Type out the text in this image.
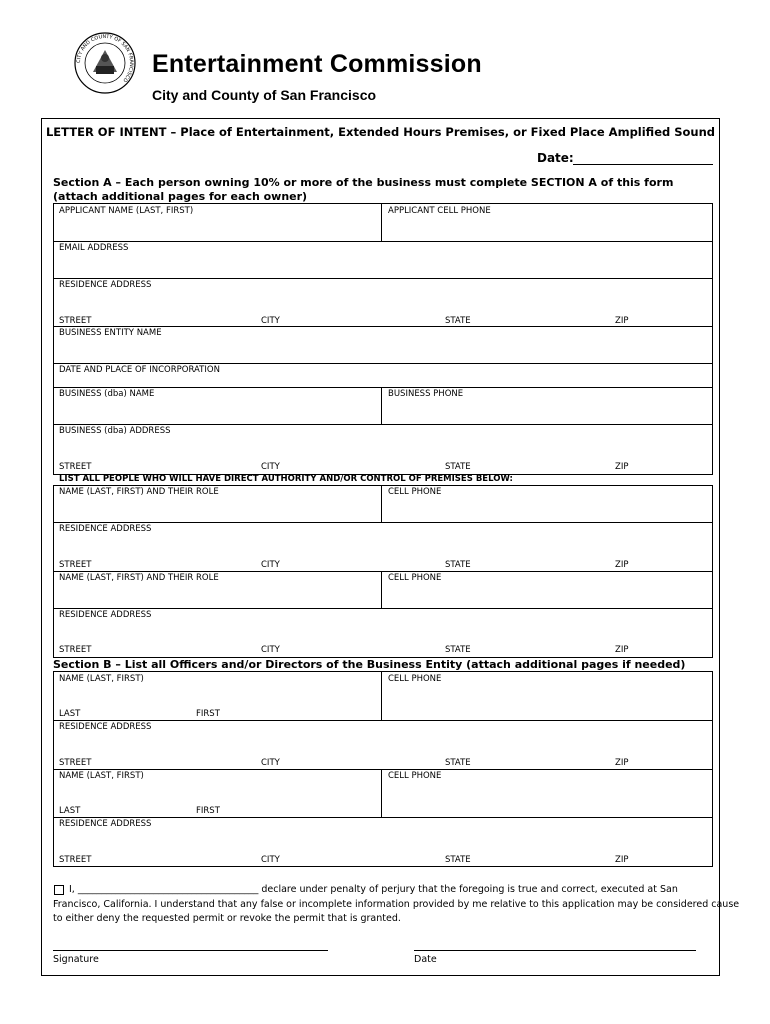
CITY AND COUNTY OF SAN FRANCISCO
Entertainment Commission
City and County of San Francisco
LETTER OF INTENT – Place of Entertainment, Extended Hours Premises, or Fixed Place Amplified Sound
Date:
Section A – Each person owning 10% or more of the business must complete SECTION A of this form
(attach additional pages for each owner)
APPLICANT NAME (LAST, FIRST)	APPLICANT CELL PHONE
EMAIL ADDRESS
RESIDENCE ADDRESS
STREET	CITY	STATE	ZIP
BUSINESS ENTITY NAME
DATE AND PLACE OF INCORPORATION
BUSINESS (dba) NAME	BUSINESS PHONE
BUSINESS (dba) ADDRESS
STREET	CITY	STATE	ZIP
LIST ALL PEOPLE WHO WILL HAVE DIRECT AUTHORITY AND/OR CONTROL OF PREMISES BELOW:
NAME (LAST, FIRST) AND THEIR ROLE	CELL PHONE
RESIDENCE ADDRESS
STREET	CITY	STATE	ZIP
NAME (LAST, FIRST) AND THEIR ROLE	CELL PHONE
RESIDENCE ADDRESS
STREET	CITY	STATE	ZIP
Section B – List all Officers and/or Directors of the Business Entity (attach additional pages if needed)
NAME (LAST, FIRST)	CELL PHONE
LAST	FIRST
RESIDENCE ADDRESS
STREET	CITY	STATE	ZIP
NAME (LAST, FIRST)	CELL PHONE
LAST	FIRST
RESIDENCE ADDRESS
STREET	CITY	STATE	ZIP
I, ______________________________________ declare under penalty of perjury that the foregoing is true and correct, executed at San
Francisco, California. I understand that any false or incomplete information provided by me relative to this application may be considered cause
to either deny the requested permit or revoke the permit that is granted.
Signature	Date
